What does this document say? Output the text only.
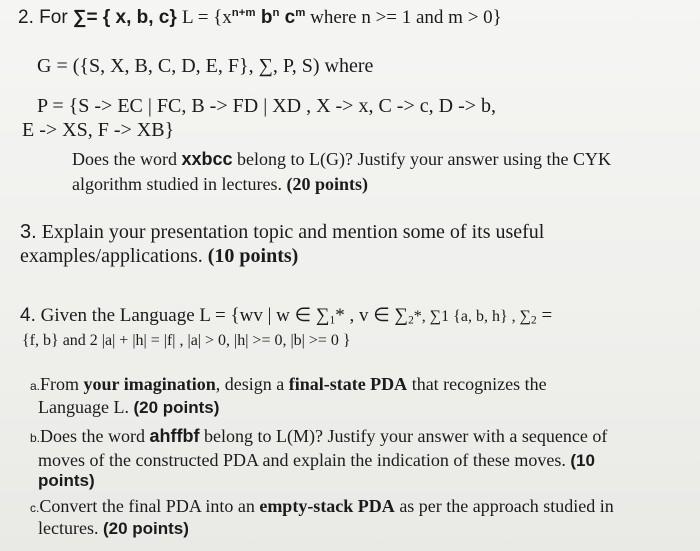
2. For ∑= { x, b, c} $L = \{x^{n+m}$ $b^n$ $c^m$ where n >= 1 and m > 0}
G = ({S, X, B, C, D, E, F}, ∑, P, S) where
P = {S -> EC | FC, B -> FD | XD , X -> x, C -> c, D -> b,
E -> XS, F -> XB}
Does the word xxbcc belong to L(G)? Justify your answer using the CYK
algorithm studied in lectures. (20 points)
3. Explain your presentation topic and mention some of its useful
examples/applications. (10 points)
4. Given the Language L = {wv | w ∈ $\sum_1*$ , v ∈ $\sum_2*$, ∑1 {a, b, h} , $\sum_2$ =
{f, b} and 2 |a| + |h| = |f| , |a| > 0, |h| >= 0, |b| >= 0 }
a.From your imagination, design a final-state PDA that recognizes the
Language L. (20 points)
b.Does the word ahffbf belong to L(M)? Justify your answer with a sequence of
moves of the constructed PDA and explain the indication of these moves. (10
points)
c.Convert the final PDA into an empty-stack PDA as per the approach studied in
lectures. (20 points)
